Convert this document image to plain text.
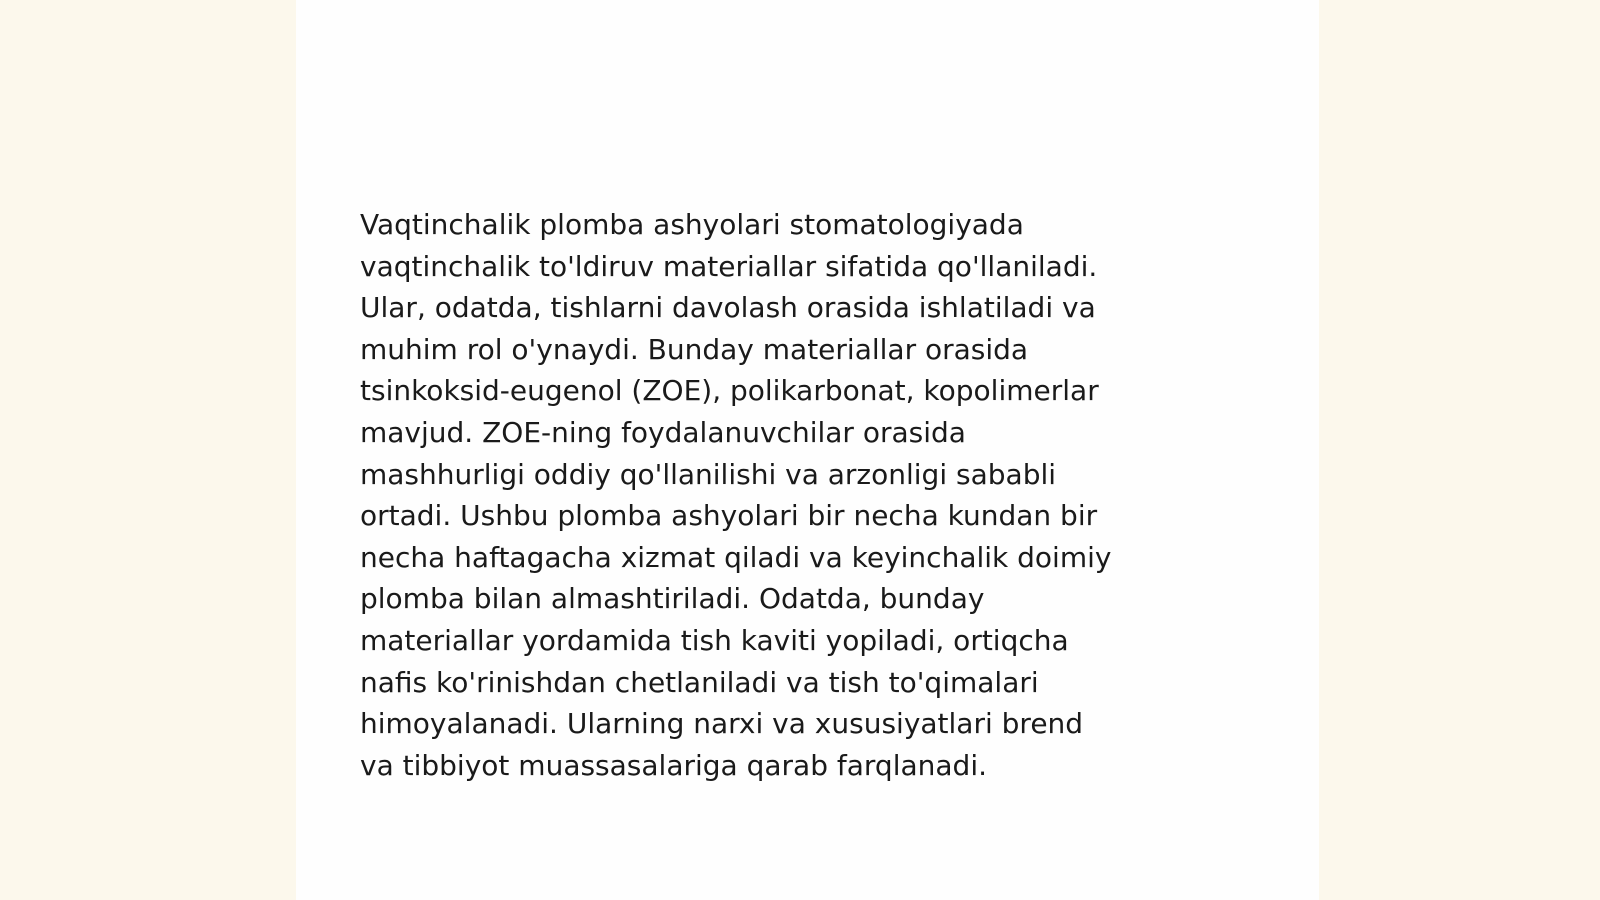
Vaqtinchalik plomba ashyolari stomatologiyada
vaqtinchalik to'ldiruv materiallar sifatida qo'llaniladi.
Ular, odatda, tishlarni davolash orasida ishlatiladi va
muhim rol o'ynaydi. Bunday materiallar orasida
tsinkoksid-eugenol (ZOE), polikarbonat, kopolimerlar
mavjud. ZOE-ning foydalanuvchilar orasida
mashhurligi oddiy qo'llanilishi va arzonligi sababli
ortadi. Ushbu plomba ashyolari bir necha kundan bir
necha haftagacha xizmat qiladi va keyinchalik doimiy
plomba bilan almashtiriladi. Odatda, bunday
materiallar yordamida tish kaviti yopiladi, ortiqcha
nafis ko'rinishdan chetlaniladi va tish to'qimalari
himoyalanadi. Ularning narxi va xususiyatlari brend
va tibbiyot muassasalariga qarab farqlanadi.
